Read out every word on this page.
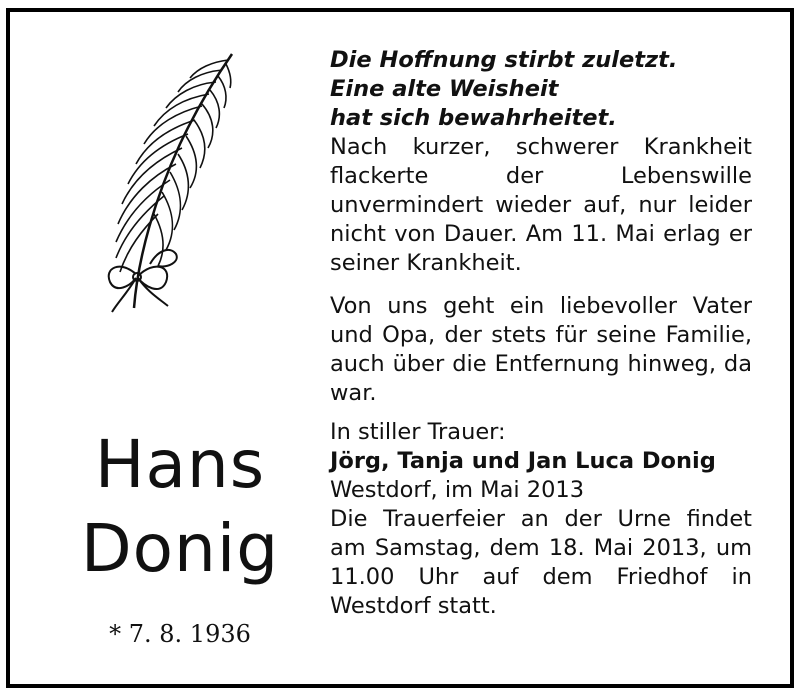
Hans
Donig
* 7. 8. 1936

Die Hoffnung stirbt zuletzt.

Eine alte Weisheit

hat sich bewahrheitet.

Nach kurzer, schwerer Krankheit flackerte der Lebenswille unvermindert wieder auf, nur leider nicht von Dauer. Am 11. Mai erlag er seiner Krankheit.

Von uns geht ein liebevoller Vater und Opa, der stets für seine Familie, auch über die Entfernung hinweg, da war.

In stiller Trauer:

Jörg, Tanja und Jan Luca Donig

Westdorf, im Mai 2013

Die Trauerfeier an der Urne findet am Samstag, dem 18. Mai 2013, um 11.00 Uhr auf dem Friedhof in Westdorf statt.
